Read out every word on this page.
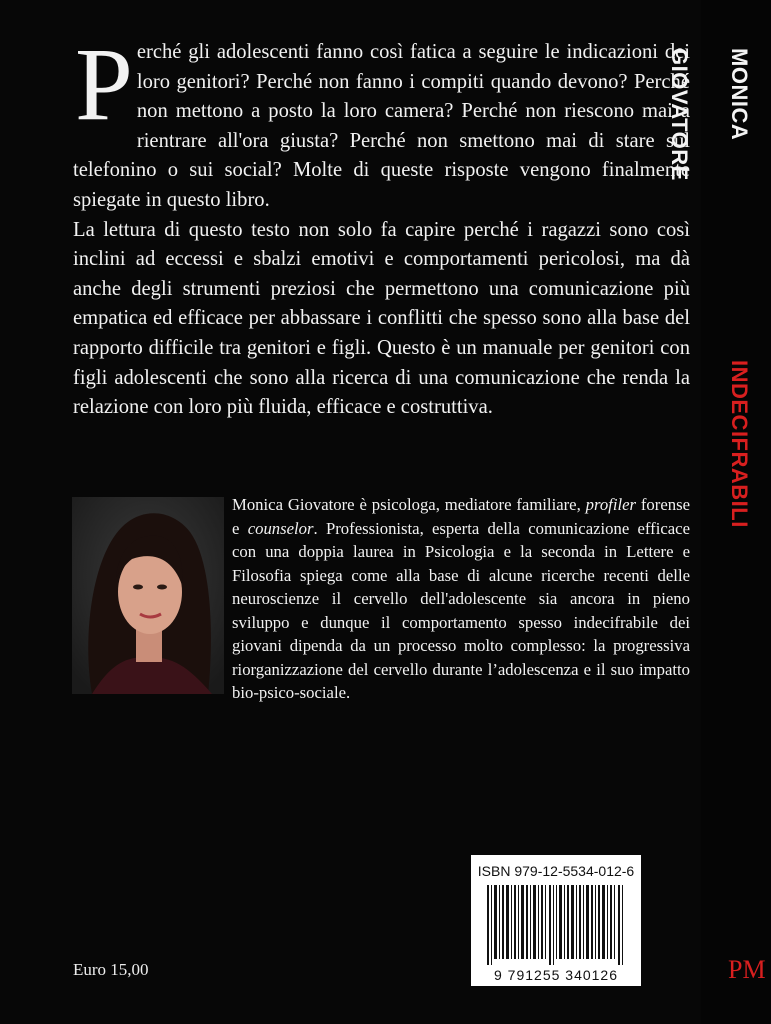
MONICA GIOVATORE
INDECIFRABILI
PM

Perché gli adolescenti fanno così fatica a seguire le indicazioni dei loro genitori? Perché non fanno i compiti quando devono? Perché non mettono a posto la loro camera? Perché non riescono mai a rientrare all'ora giusta? Perché non smettono mai di stare sul telefonino o sui social? Molte di queste risposte vengono finalmente spiegate in questo libro.

La lettura di questo testo non solo fa capire perché i ragazzi sono così inclini ad eccessi e sbalzi emotivi e comportamenti pericolosi, ma dà anche degli strumenti preziosi che permettono una comunicazione più empatica ed efficace per abbassare i conflitti che spesso sono alla base del rapporto difficile tra genitori e figli. Questo è un manuale per genitori con figli adolescenti che sono alla ricerca di una comunicazione che renda la relazione con loro più fluida, efficace e costruttiva.

Monica Giovatore è psicologa, mediatore familiare, profiler forense e counselor. Professionista, esperta della comunicazione efficace con una doppia laurea in Psicologia e la seconda in Lettere e Filosofia spiega come alla base di alcune ricerche recenti delle neuroscienze il cervello dell'adolescente sia ancora in pieno sviluppo e dunque il comportamento spesso indecifrabile dei giovani dipenda da un processo molto complesso: la progressiva riorganizzazione del cervello durante l’adolescenza e il suo impatto bio-psico-sociale.
ISBN 979-12-5534-012-6
9 791255 340126
Euro 15,00
